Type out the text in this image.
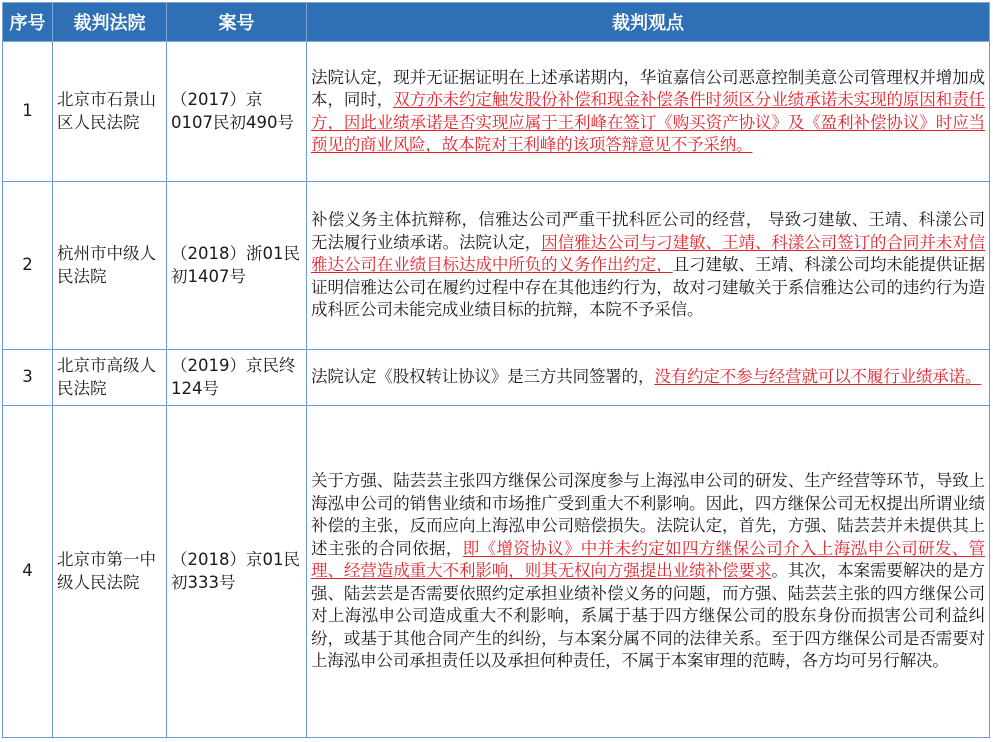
序号	裁判法院	案号	裁判观点
1	北京市石景山区人民法院	（2017）京0107民初490号	法院认定，现并无证据证明在上述承诺期内，华谊嘉信公司恶意控制美意公司管理权并增加成本，同时，双方亦未约定触发股份补偿和现金补偿条件时须区分业绩承诺未实现的原因和责任方，因此业绩承诺是否实现应属于王利峰在签订《购买资产协议》及《盈利补偿协议》时应当预见的商业风险，故本院对王利峰的该项答辩意见不予采纳。
2	杭州市中级人民法院	（2018）浙01民初1407号	补偿义务主体抗辩称，信雅达公司严重干扰科匠公司的经营， 导致刁建敏、王靖、科漾公司无法履行业绩承诺。法院认定，因信雅达公司与刁建敏、王靖、科漾公司签订的合同并未对信雅达公司在业绩目标达成中所负的义务作出约定，且刁建敏、王靖、科漾公司均未能提供证据证明信雅达公司在履约过程中存在其他违约行为，故对刁建敏关于系信雅达公司的违约行为造成科匠公司未能完成业绩目标的抗辩，本院不予采信。
3	北京市高级人民法院	（2019）京民终124号	法院认定《股权转让协议》是三方共同签署的，没有约定不参与经营就可以不履行业绩承诺。
4	北京市第一中级人民法院	（2018）京01民初333号	关于方强、陆芸芸主张四方继保公司深度参与上海泓申公司的研发、生产经营等环节，导致上海泓申公司的销售业绩和市场推广受到重大不利影响。因此，四方继保公司无权提出所谓业绩补偿的主张，反而应向上海泓申公司赔偿损失。法院认定，首先，方强、陆芸芸并未提供其上述主张的合同依据，即《增资协议》中并未约定如四方继保公司介入上海泓申公司研发、管理、经营造成重大不利影响，则其无权向方强提出业绩补偿要求。其次，本案需要解决的是方强、陆芸芸是否需要依照约定承担业绩补偿义务的问题，而方强、陆芸芸主张的四方继保公司对上海泓申公司造成重大不利影响，系属于基于四方继保公司的股东身份而损害公司利益纠纷，或基于其他合同产生的纠纷，与本案分属不同的法律关系。至于四方继保公司是否需要对上海泓申公司承担责任以及承担何种责任，不属于本案审理的范畴，各方均可另行解决。
